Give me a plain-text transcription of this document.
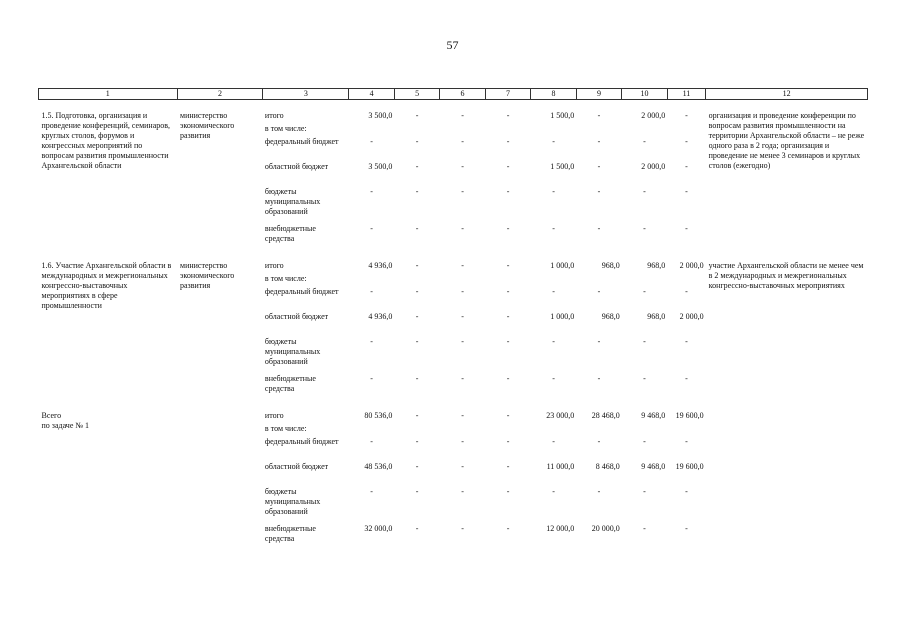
57
1	2	3	4	5	6	7	8	9	10	11	12

1.5. Подготовка, организация и проведение конференций, семинаров, круглых столов, форумов и конгрессных мероприятий по вопросам развития промышленности Архангельской области	министерство экономического развития	итого	3 500,0	-	-	-	1 500,0	-	2 000,0	-	организация и проведение конференции по вопросам развития промышленности на территории Архангельской области – не реже одного раза в 2 года; организация и проведение не менее 3 семинаров и круглых столов (ежегодно)
		в том числе:									
		федеральный бюджет	-	-	-	-	-	-	-	-	
		областной бюджет	3 500,0	-	-	-	1 500,0	-	2 000,0	-	
		бюджеты муниципальных образований	-	-	-	-	-	-	-	-	
		внебюджетные средства	-	-	-	-	-	-	-	-	

1.6. Участие Архангельской области в международных и межрегиональных конгрессно-выставочных мероприятиях в сфере промышленности	министерство экономического развития	итого	4 936,0	-	-	-	1 000,0	968,0	968,0	2 000,0	участие Архангельской области не менее чем в 2 международных и межрегиональных конгрессно-выставочных мероприятиях
		в том числе:									
		федеральный бюджет	-	-	-	-	-	-	-	-	
		областной бюджет	4 936,0	-	-	-	1 000,0	968,0	968,0	2 000,0	
		бюджеты муниципальных образований	-	-	-	-	-	-	-	-	
		внебюджетные средства	-	-	-	-	-	-	-	-	

Всего
по задаче № 1		итого	80 536,0	-	-	-	23 000,0	28 468,0	9 468,0	19 600,0	
		в том числе:									
		федеральный бюджет	-	-	-	-	-	-	-	-	
		областной бюджет	48 536,0	-	-	-	11 000,0	8 468,0	9 468,0	19 600,0	
		бюджеты муниципальных образований	-	-	-	-	-	-	-	-	
		внебюджетные средства	32 000,0	-	-	-	12 000,0	20 000,0	-	-	
